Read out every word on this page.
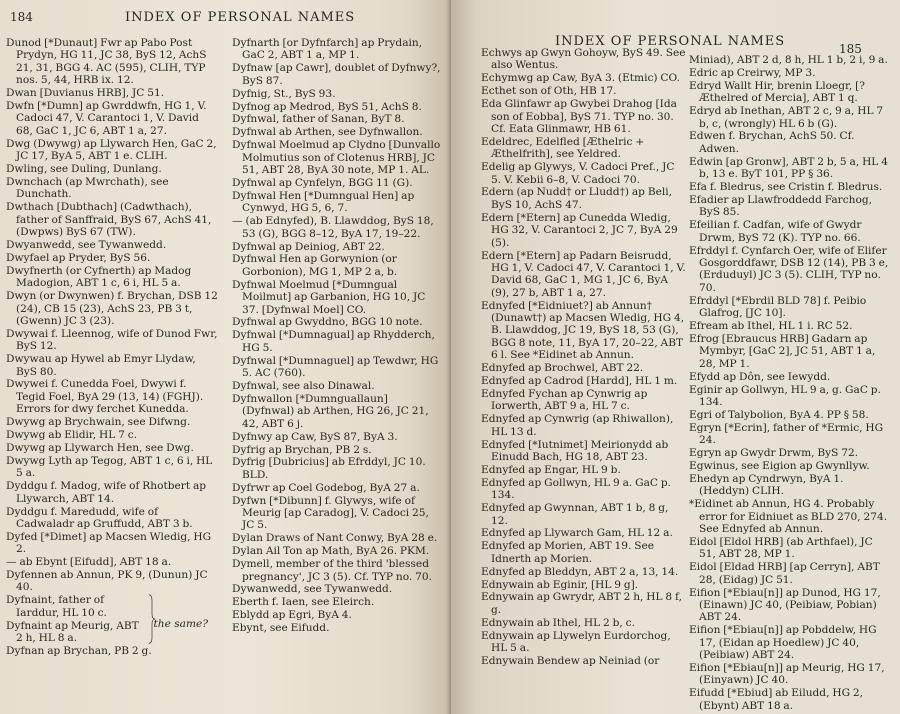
184	INDEX OF PERSONAL NAMES
Dunod [*Dunaut] Fwr ap Pabo Post Prydyn, HG 11, JC 38, ByS 12, AchS 21, 31, BGG 4. AC (595), CLIH, TYP nos. 5, 44, HRB ix. 12.
Dwan [Duvianus HRB], JC 51.
Dwfn [*Dumn] ap Gwrddwfn, HG 1, V. Cadoci 47, V. Carantoci 1, V. David 68, GaC 1, JC 6, ABT 1 a, 27.
Dwg (Dwywg) ap Llywarch Hen, GaC 2, JC 17, ByA 5, ABT 1 e. CLIH.
Dwling, see Duling, Dunlang.
Dwnchach (ap Mwrchath), see Dunchath.
Dwthach [Dubthach] (Cadwthach), father of Sanffraid, ByS 67, AchS 41, (Dwpws) ByS 67 (TW).
Dwyanwedd, see Tywanwedd.
Dwyfael ap Pryder, ByS 56.
Dwyfnerth (or Cyfnerth) ap Madog Madogion, ABT 1 c, 6 i, HL 5 a.
Dwyn (or Dwynwen) f. Brychan, DSB 12 (24), CB 15 (23), AchS 23, PB 3 t, (Gwenn) JC 3 (23).
Dwywai f. Lleennog, wife of Dunod Fwr, ByS 12.
Dwywau ap Hywel ab Emyr Llydaw, ByS 80.
Dwywei f. Cunedda Foel, Dwywi f. Tegid Foel, ByA 29 (13, 14) (FGHJ). Errors for dwy ferchet Kunedda.
Dwywg ap Brychwain, see Difwng.
Dwywg ab Elidir, HL 7 c.
Dwywg ap Llywarch Hen, see Dwg.
Dwywg Lyth ap Tegog, ABT 1 c, 6 i, HL 5 a.
Dyddgu f. Madog, wife of Rhotbert ap Llywarch, ABT 14.
Dyddgu f. Maredudd, wife of Cadwaladr ap Gruffudd, ABT 3 b.
Dyfed [*Dimet] ap Macsen Wledig, HG 2.
— ab Ebynt [Eifudd], ABT 18 a.
Dyfennen ab Annun, PK 9, (Dunun) JC 40.
Dyfnaint, father of Iarddur, HL 10 c.
Dyfnaint ap Meurig, ABT 2 h, HL 8 a.
the same?
Dyfnan ap Brychan, PB 2 g.
Dyfnarth [or Dyfnfarch] ap Prydain, GaC 2, ABT 1 a, MP 1.
Dyfnaw [ap Cawr], doublet of Dyfnwy?, ByS 87.
Dyfnig, St., ByS 93.
Dyfnog ap Medrod, ByS 51, AchS 8.
Dyfnwal, father of Sanan, ByT 8.
Dyfnwal ab Arthen, see Dyfnwallon.
Dyfnwal Moelmud ap Clydno [Dunvallo Molmutius son of Clotenus HRB], JC 51, ABT 28, ByA 30 note, MP 1. AL.
Dyfnwal ap Cynfelyn, BGG 11 (G).
Dyfnwal Hen [*Dumngual Hen] ap Cynwyd, HG 5, 6, 7.
— (ab Ednyfed), B. Llawddog, ByS 18, 53 (G), BGG 8–12, ByA 17, 19–22.
Dyfnwal ap Deiniog, ABT 22.
Dyfnwal Hen ap Gorwynion (or Gorbonion), MG 1, MP 2 a, b.
Dyfnwal Moelmud [*Dumngual Moilmut] ap Garbanion, HG 10, JC 37. [Dyfnwal Moel] CO.
Dyfnwal ap Gwyddno, BGG 10 note.
Dyfnwal [*Dumnagual] ap Rhydderch, HG 5.
Dyfnwal [*Dumnaguel] ap Tewdwr, HG 5. AC (760).
Dyfnwal, see also Dinawal.
Dyfnwallon [*Dumnguallaun] (Dyfnwal) ab Arthen, HG 26, JC 21, 42, ABT 6 j.
Dyfnwy ap Caw, ByS 87, ByA 3.
Dyfrig ap Brychan, PB 2 s.
Dyfrig [Dubricius] ab Efrddyl, JC 10. BLD.
Dyfrwr ap Coel Godebog, ByA 27 a.
Dyfwn [*Dibunn] f. Glywys, wife of Meurig [ap Caradog], V. Cadoci 25, JC 5.
Dylan Draws of Nant Conwy, ByA 28 e.
Dylan Ail Ton ap Math, ByA 26. PKM.
Dymell, member of the third 'blessed pregnancy', JC 3 (5). Cf. TYP no. 70.
Dywanwedd, see Tywanwedd.
Eberth f. Iaen, see Eleirch.
Eblydd ap Egri, ByA 4.
Ebynt, see Eifudd.
INDEX OF PERSONAL NAMES	185
Echwys ap Gwyn Gohoyw, ByS 49. See also Wentus.
Echymwg ap Caw, ByA 3. (Etmic) CO.
Ecthet son of Oth, HB 17.
Eda Glinfawr ap Gwybei Drahog [Ida son of Eobba], ByS 71. TYP no. 30. Cf. Eata Glinmawr, HB 61.
Edeldrec, Edelfled [Æthelric + Æthelfrith], see Yeldred.
Edelig ap Glywys, V. Cadoci Pref., JC 5. V. Kebii 6–8, V. Cadoci 70.
Edern (ap Nudd† or Lludd†) ap Beli, ByS 10, AchS 47.
Edern [*Etern] ap Cunedda Wledig, HG 32, V. Carantoci 2, JC 7, ByA 29 (5).
Edern [*Etern] ap Padarn Beisrudd, HG 1, V. Cadoci 47, V. Carantoci 1, V. David 68, GaC 1, MG 1, JC 6, ByA (9), 27 b, ABT 1 a, 27.
Ednyfed [*Eidniuet?] ab Annun† (Dunawt†) ap Macsen Wledig, HG 4, B. Llawddog, JC 19, ByS 18, 53 (G), BGG 8 note, 11, ByA 17, 20–22, ABT 6 l. See *Eidinet ab Annun.
Ednyfed ap Brochwel, ABT 22.
Ednyfed ap Cadrod [Hardd], HL 1 m.
Ednyfed Fychan ap Cynwrig ap Iorwerth, ABT 9 a, HL 7 c.
Ednyfed ap Cynwrig (ap Rhiwallon), HL 13 d.
Ednyfed [*Iutnimet] Meirionydd ab Einudd Bach, HG 18, ABT 23.
Ednyfed ap Engar, HL 9 b.
Ednyfed ap Gollwyn, HL 9 a. GaC p. 134.
Ednyfed ap Gwynnan, ABT 1 b, 8 g, 12.
Ednyfed ap Llywarch Gam, HL 12 a.
Ednyfed ap Morien, ABT 19. See Idnerth ap Morien.
Ednyfed ap Bleddyn, ABT 2 a, 13, 14.
Ednywain ab Eginir, [HL 9 g].
Ednywain ap Gwrydr, ABT 2 h, HL 8 f, g.
Ednywain ab Ithel, HL 2 b, c.
Ednywain ap Llywelyn Eurdorchog, HL 5 a.
Ednywain Bendew ap Neiniad (or
Miniad), ABT 2 d, 8 h, HL 1 b, 2 i, 9 a.
Edric ap Creirwy, MP 3.
Edryd Wallt Hir, brenin Lloegr, [?Æthelred of Mercia], ABT 1 q.
Edryd ab Inethan, ABT 2 c, 9 a, HL 7 b, c, (wrongly) HL 6 b (G).
Edwen f. Brychan, AchS 50. Cf. Adwen.
Edwin [ap Gronw], ABT 2 b, 5 a, HL 4 b, 13 e. ByT 101, PP § 36.
Efa f. Bledrus, see Cristin f. Bledrus.
Efadier ap Llawfroddedd Farchog, ByS 85.
Efeilian f. Cadfan, wife of Gwydr Drwm, ByS 72 (K). TYP no. 66.
Efrddyl f. Cynfarch Oer, wife of Elifer Gosgorddfawr, DSB 12 (14), PB 3 e, (Erduduyl) JC 3 (5). CLIH, TYP no. 70.
Efrddyl [*Ebrdil BLD 78] f. Peibio Glafrog, [JC 10].
Efream ab Ithel, HL 1 i. RC 52.
Efrog [Ebraucus HRB] Gadarn ap Mymbyr, [GaC 2], JC 51, ABT 1 a, 28, MP 1.
Efydd ap Dôn, see Iewydd.
Eginir ap Gollwyn, HL 9 a, g. GaC p. 134.
Egri of Talybolion, ByA 4. PP § 58.
Egryn [*Ecrin], father of *Ermic, HG 24.
Egryn ap Gwydr Drwm, ByS 72.
Egwinus, see Eigion ap Gwynllyw.
Ehedyn ap Cyndrwyn, ByA 1. (Heddyn) CLIH.
*Eidinet ab Annun, HG 4. Probably error for Eidniuet as BLD 270, 274. See Ednyfed ab Annun.
Eidol [Eldol HRB] (ab Arthfael), JC 51, ABT 28, MP 1.
Eidol [Eldad HRB] [ap Cerryn], ABT 28, (Eidag) JC 51.
Eifion [*Ebiau[n]] ap Dunod, HG 17, (Einawn) JC 40, (Peibiaw, Pobian) ABT 24.
Eifion [*Ebiau[n]] ap Pobddelw, HG 17, (Eidan ap Hoedlew) JC 40, (Peibiaw) ABT 24.
Eifion [*Ebiau[n]] ap Meurig, HG 17, (Einyawn) JC 40.
Eifudd [*Ebiud] ab Eiludd, HG 2, (Ebynt) ABT 18 a.
